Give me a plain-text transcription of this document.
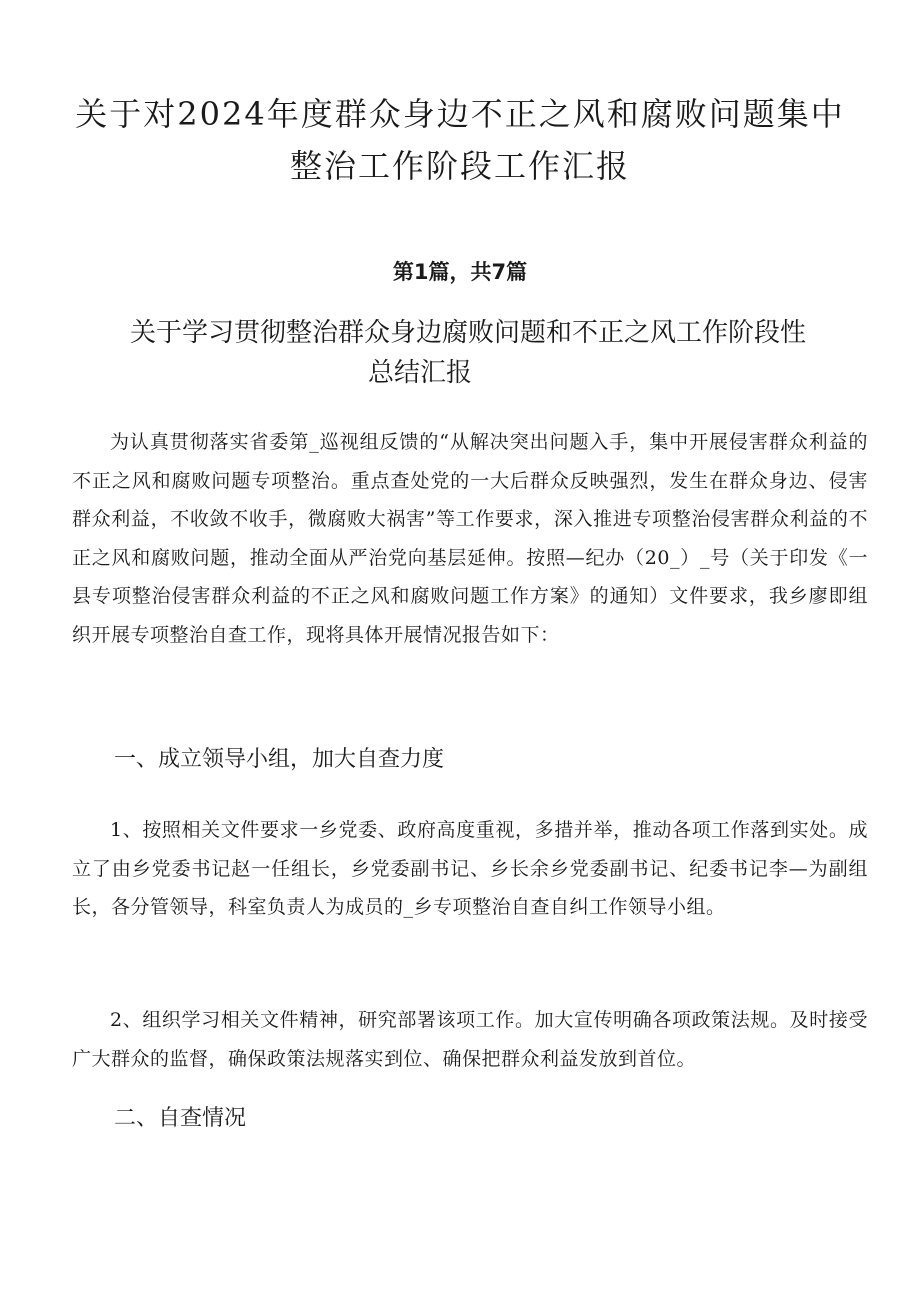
关于对2024年度群众身边不正之风和腐败问题集中整治工作阶段工作汇报

第1篇，共7篇

关于学习贯彻整治群众身边腐败问题和不正之风工作阶段性
总结汇报

为认真贯彻落实省委第_巡视组反馈的“从解决突出问题入手，集中开展侵害群众利益的不正之风和腐败问题专项整治。重点查处党的一大后群众反映强烈，发生在群众身边、侵害群众利益，不收敛不收手，微腐败大祸害”等工作要求，深入推进专项整治侵害群众利益的不正之风和腐败问题，推动全面从严治党向基层延伸。按照—纪办（20_）_号（关于印发《一县专项整治侵害群众利益的不正之风和腐败问题工作方案》的通知）文件要求，我乡廖即组织开展专项整治自查工作，现将具体开展情况报告如下：

一、成立领导小组，加大自查力度

1、按照相关文件要求一乡党委、政府高度重视，多措并举，推动各项工作落到实处。成立了由乡党委书记赵一任组长，乡党委副书记、乡长余乡党委副书记、纪委书记李—为副组长，各分管领导，科室负责人为成员的_乡专项整治自查自纠工作领导小组。

2、组织学习相关文件精神，研究部署该项工作。加大宣传明确各项政策法规。及时接受广大群众的监督，确保政策法规落实到位、确保把群众利益发放到首位。

二、自查情况
